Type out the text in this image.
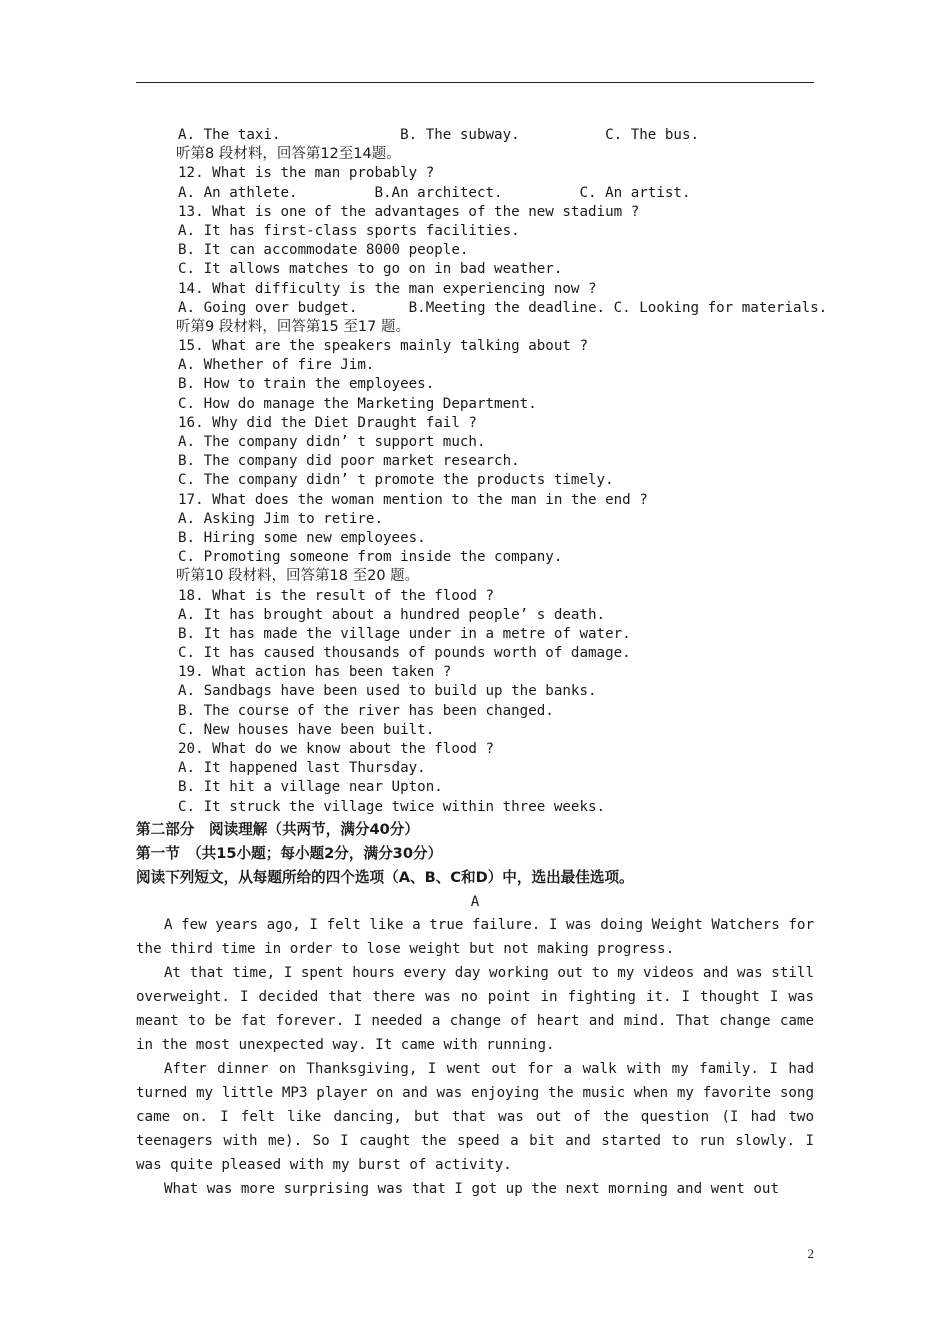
A. The taxi.              B. The subway.          C. The bus.
听第8 段材料，回答第12至14题。
12. What is the man probably ?
A. An athlete.         B.An architect.         C. An artist.
13. What is one of the advantages of the new stadium ?
A. It has first-class sports facilities.
B. It can accommodate 8000 people.
C. It allows matches to go on in bad weather.
14. What difficulty is the man experiencing now ?
A. Going over budget.      B.Meeting the deadline. C. Looking for materials.
听第9 段材料，回答第15 至17 题。
15. What are the speakers mainly talking about ?
A. Whether of fire Jim.
B. How to train the employees.
C. How do manage the Marketing Department.
16. Why did the Diet Draught fail ?
A. The company didn’ t support much.
B. The company did poor market research.
C. The company didn’ t promote the products timely.
17. What does the woman mention to the man in the end ?
A. Asking Jim to retire.
B. Hiring some new employees.
C. Promoting someone from inside the company.
听第10 段材料，回答第18 至20 题。
18. What is the result of the flood ?
A. It has brought about a hundred people’ s death.
B. It has made the village under in a metre of water.
C. It has caused thousands of pounds worth of damage.
19. What action has been taken ?
A. Sandbags have been used to build up the banks.
B. The course of the river has been changed.
C. New houses have been built.
20. What do we know about the flood ?
A. It happened last Thursday.
B. It hit a village near Upton.
C. It struck the village twice within three weeks.
第二部分　阅读理解（共两节，满分40分）
第一节　（共15小题；每小题2分，满分30分）
阅读下列短文，从每题所给的四个选项（A、B、C和D）中，选出最佳选项。
A

A few years ago, I felt like a true failure. I was doing Weight Watchers for the third time in order to lose weight but not making progress.

At that time, I spent hours every day working out to my videos and was still overweight. I decided that there was no point in fighting it. I thought I was meant to be fat forever. I needed a change of heart and mind. That change came in the most unexpected way. It came with running.

After dinner on Thanksgiving, I went out for a walk with my family. I had turned my little MP3 player on and was enjoying the music when my favorite song came on. I felt like dancing, but that was out of the question (I had two teenagers with me). So I caught the speed a bit and started to run slowly. I was quite pleased with my burst of activity.

What was more surprising was that I got up the next morning and went out

2
